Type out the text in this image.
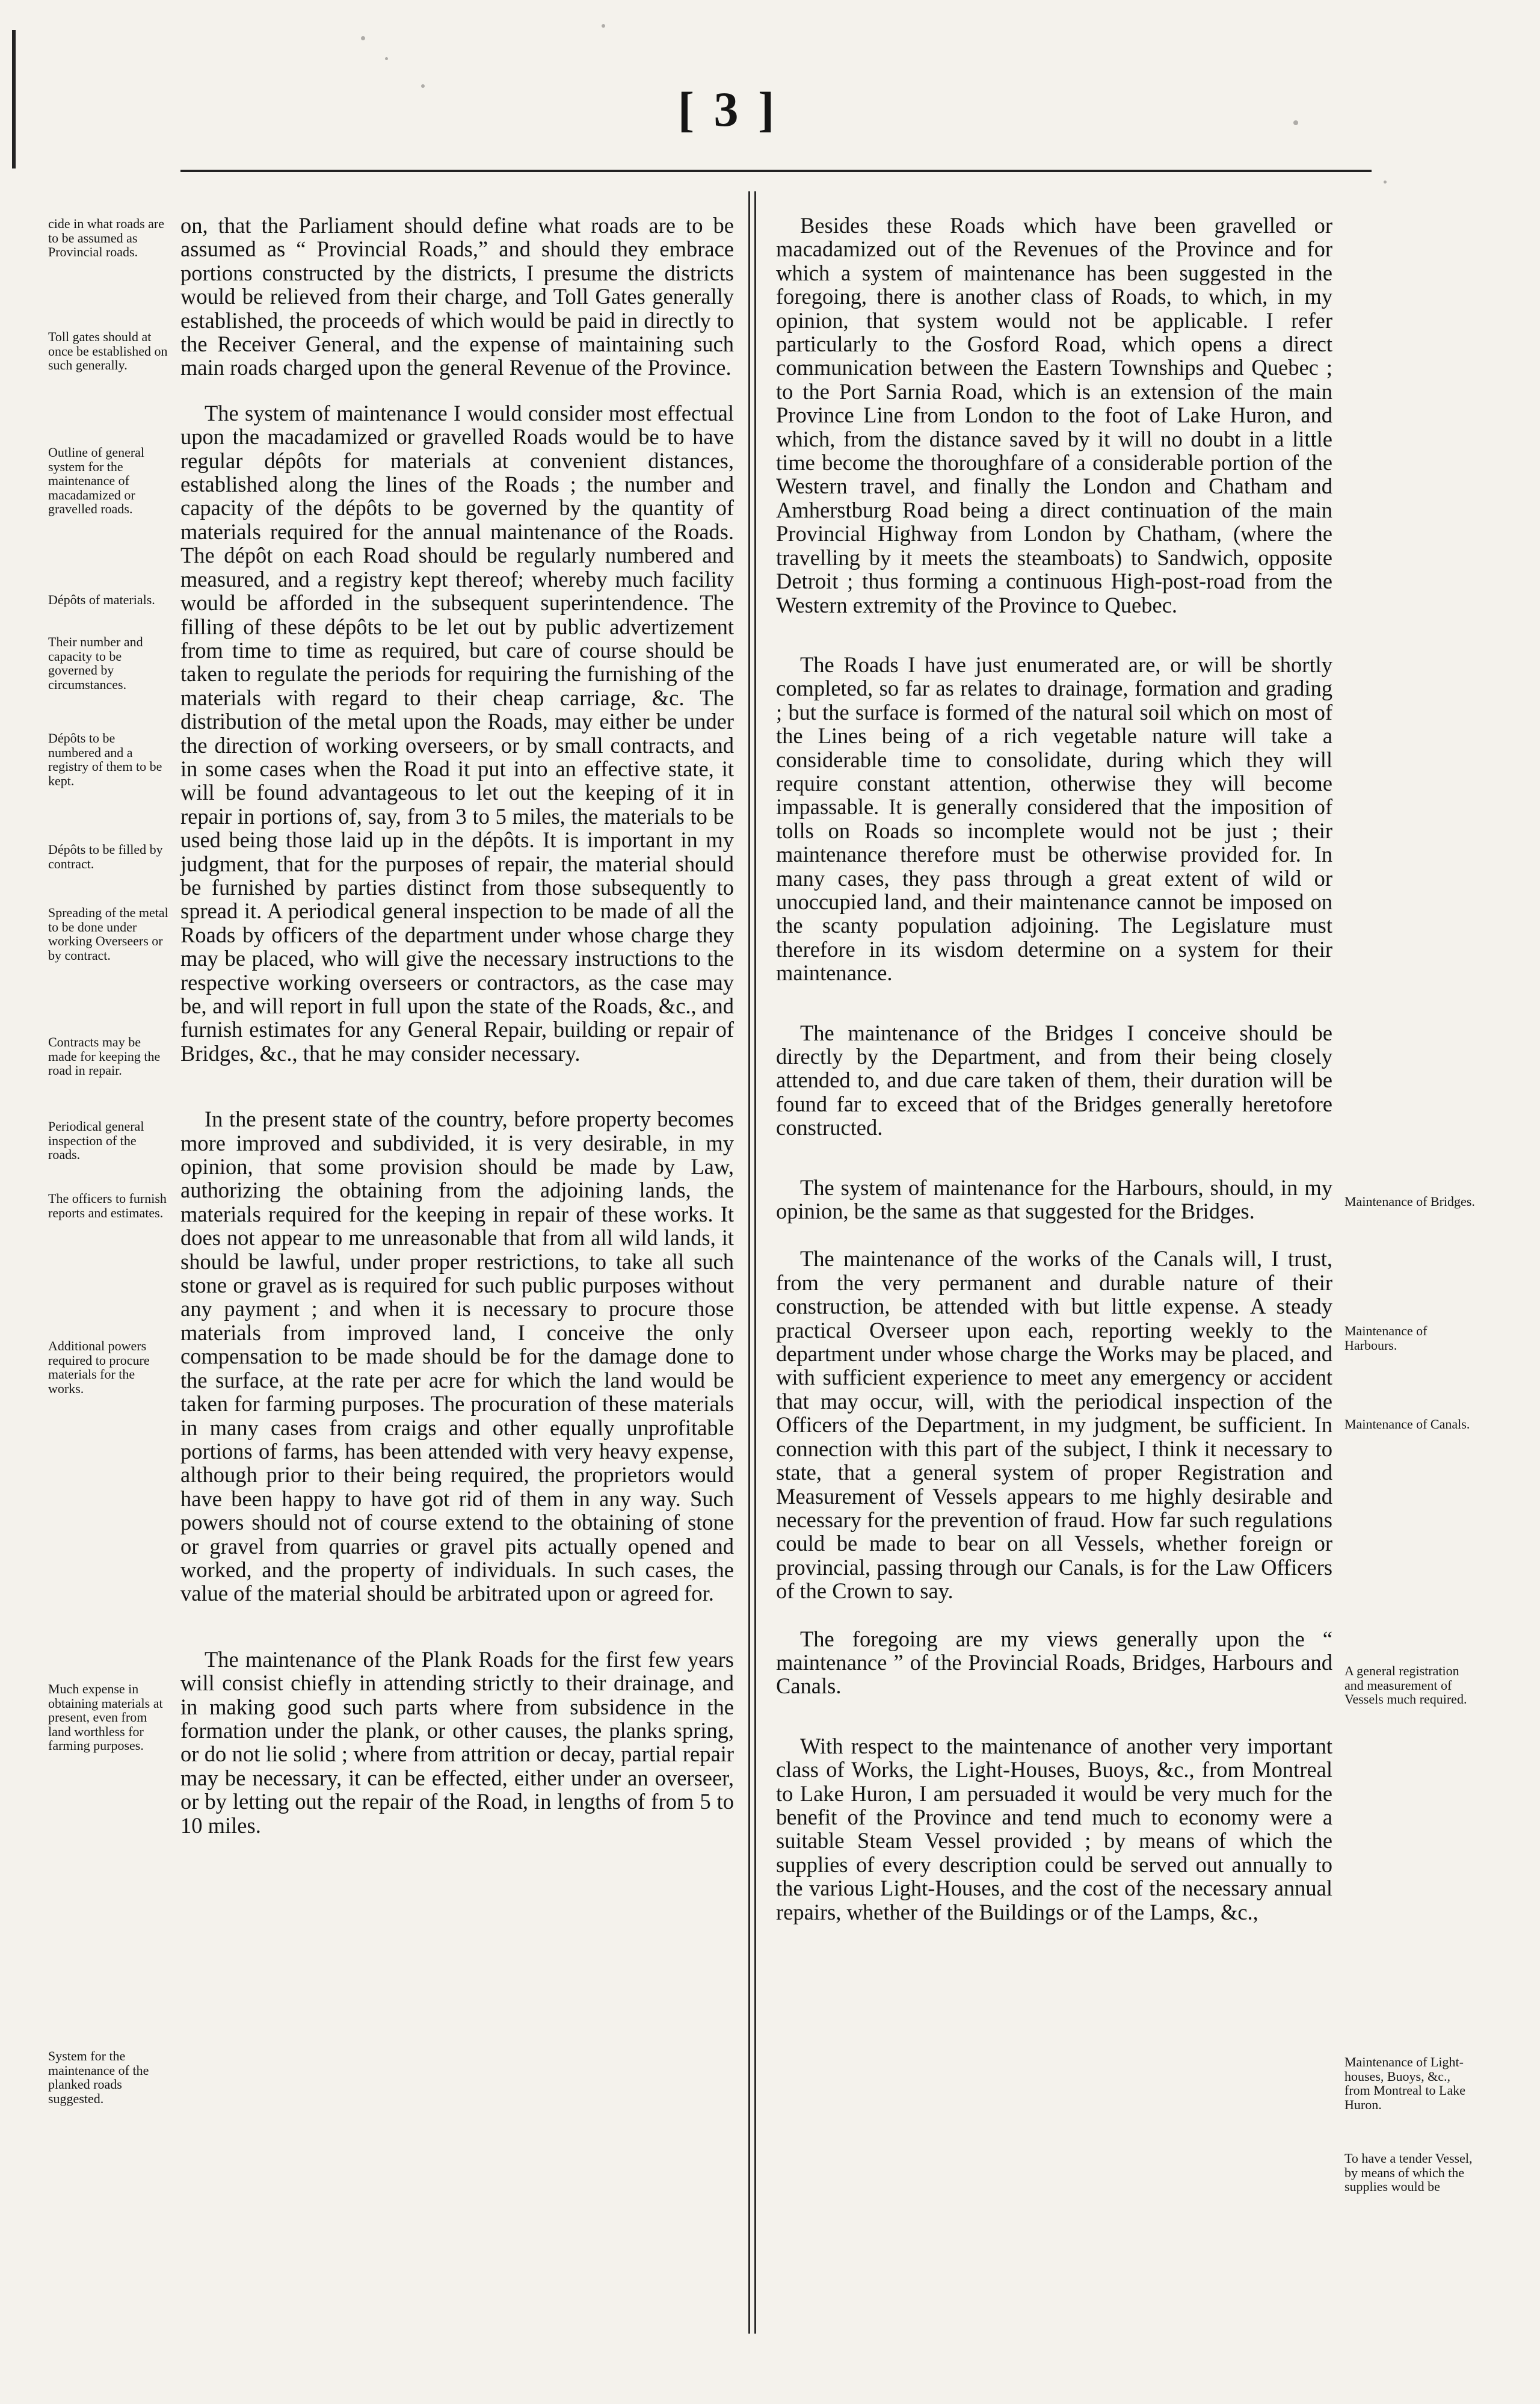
[ 3 ]

on, that the Parliament should define what roads are to be assumed as “ Provincial Roads,” and should they embrace portions constructed by the districts, I presume the districts would be relieved from their charge, and Toll Gates generally established, the proceeds of which would be paid in directly to the Receiver General, and the expense of maintaining such main roads charged upon the general Revenue of the Province.

The system of maintenance I would consider most effectual upon the macadamized or gravelled Roads would be to have regular dépôts for materials at convenient distances, established along the lines of the Roads ; the number and capacity of the dépôts to be governed by the quantity of materials required for the annual maintenance of the Roads. The dépôt on each Road should be regularly numbered and measured, and a registry kept thereof; whereby much facility would be afforded in the subsequent superintendence. The filling of these dépôts to be let out by public advertizement from time to time as required, but care of course should be taken to regulate the periods for requiring the furnishing of the materials with regard to their cheap carriage, &c. The distribution of the metal upon the Roads, may either be under the direction of working overseers, or by small contracts, and in some cases when the Road it put into an effective state, it will be found advantageous to let out the keeping of it in repair in portions of, say, from 3 to 5 miles, the materials to be used being those laid up in the dépôts. It is important in my judgment, that for the purposes of repair, the material should be furnished by parties distinct from those subsequently to spread it. A periodical general inspection to be made of all the Roads by officers of the department under whose charge they may be placed, who will give the necessary instructions to the respective working overseers or contractors, as the case may be, and will report in full upon the state of the Roads, &c., and furnish estimates for any General Repair, building or repair of Bridges, &c., that he may consider necessary.

In the present state of the country, before property becomes more improved and subdivided, it is very desirable, in my opinion, that some provision should be made by Law, authorizing the obtaining from the adjoining lands, the materials required for the keeping in repair of these works. It does not appear to me unreasonable that from all wild lands, it should be lawful, under proper restrictions, to take all such stone or gravel as is required for such public purposes without any payment ; and when it is necessary to procure those materials from improved land, I conceive the only compensation to be made should be for the damage done to the surface, at the rate per acre for which the land would be taken for farming purposes. The procuration of these materials in many cases from craigs and other equally unprofitable portions of farms, has been attended with very heavy expense, although prior to their being required, the proprietors would have been happy to have got rid of them in any way. Such powers should not of course extend to the obtaining of stone or gravel from quarries or gravel pits actually opened and worked, and the property of individuals. In such cases, the value of the material should be arbitrated upon or agreed for.

The maintenance of the Plank Roads for the first few years will consist chiefly in attending strictly to their drainage, and in making good such parts where from subsidence in the formation under the plank, or other causes, the planks spring, or do not lie solid ; where from attrition or decay, partial repair may be necessary, it can be effected, either under an overseer, or by letting out the repair of the Road, in lengths of from 5 to 10 miles.

Besides these Roads which have been gravelled or macadamized out of the Revenues of the Province and for which a system of maintenance has been suggested in the foregoing, there is another class of Roads, to which, in my opinion, that system would not be applicable. I refer particularly to the Gosford Road, which opens a direct communication between the Eastern Townships and Quebec ; to the Port Sarnia Road, which is an extension of the main Province Line from London to the foot of Lake Huron, and which, from the distance saved by it will no doubt in a little time become the thoroughfare of a considerable portion of the Western travel, and finally the London and Chatham and Amherstburg Road being a direct continuation of the main Provincial Highway from London by Chatham, (where the travelling by it meets the steamboats) to Sandwich, opposite Detroit ; thus forming a continuous High-post-road from the Western extremity of the Province to Quebec.

The Roads I have just enumerated are, or will be shortly completed, so far as relates to drainage, formation and grading ; but the surface is formed of the natural soil which on most of the Lines being of a rich vegetable nature will take a considerable time to consolidate, during which they will require constant attention, otherwise they will become impassable. It is generally considered that the imposition of tolls on Roads so incomplete would not be just ; their maintenance therefore must be otherwise provided for. In many cases, they pass through a great extent of wild or unoccupied land, and their maintenance cannot be imposed on the scanty population adjoining. The Legislature must therefore in its wisdom determine on a system for their maintenance.

The maintenance of the Bridges I conceive should be directly by the Department, and from their being closely attended to, and due care taken of them, their duration will be found far to exceed that of the Bridges generally heretofore constructed.

The system of maintenance for the Harbours, should, in my opinion, be the same as that suggested for the Bridges.

The maintenance of the works of the Canals will, I trust, from the very permanent and durable nature of their construction, be attended with but little expense. A steady practical Overseer upon each, reporting weekly to the department under whose charge the Works may be placed, and with sufficient experience to meet any emergency or accident that may occur, will, with the periodical inspection of the Officers of the Department, in my judgment, be sufficient. In connection with this part of the subject, I think it necessary to state, that a general system of proper Registration and Measurement of Vessels appears to me highly desirable and necessary for the prevention of fraud. How far such regulations could be made to bear on all Vessels, whether foreign or provincial, passing through our Canals, is for the Law Officers of the Crown to say.

The foregoing are my views generally upon the “ maintenance ” of the Provincial Roads, Bridges, Harbours and Canals.

With respect to the maintenance of another very important class of Works, the Light-Houses, Buoys, &c., from Montreal to Lake Huron, I am persuaded it would be very much for the benefit of the Province and tend much to economy were a suitable Steam Vessel provided ; by means of which the supplies of every description could be served out annually to the various Light-Houses, and the cost of the necessary annual repairs, whether of the Buildings or of the Lamps, &c.,

cide in what roads are to be assumed as Provincial roads.
Toll gates should at once be established on such generally.
Outline of general system for the maintenance of macadamized or gravelled roads.
Dépôts of materials.
Their number and capacity to be governed by circumstances.
Dépôts to be numbered and a registry of them to be kept.
Dépôts to be filled by contract.
Spreading of the metal to be done under working Overseers or by contract.
Contracts may be made for keeping the road in repair.
Periodical general inspection of the roads.
The officers to furnish reports and estimates.
Additional powers required to procure materials for the works.
Much expense in obtaining materials at present, even from land worthless for farming purposes.
System for the maintenance of the planked roads suggested.
Maintenance of Bridges.
Maintenance of Harbours.
Maintenance of Canals.
A general registration and measurement of Vessels much required.
Maintenance of Light-houses, Buoys, &c., from Montreal to Lake Huron.
To have a tender Vessel, by means of which the supplies would be
